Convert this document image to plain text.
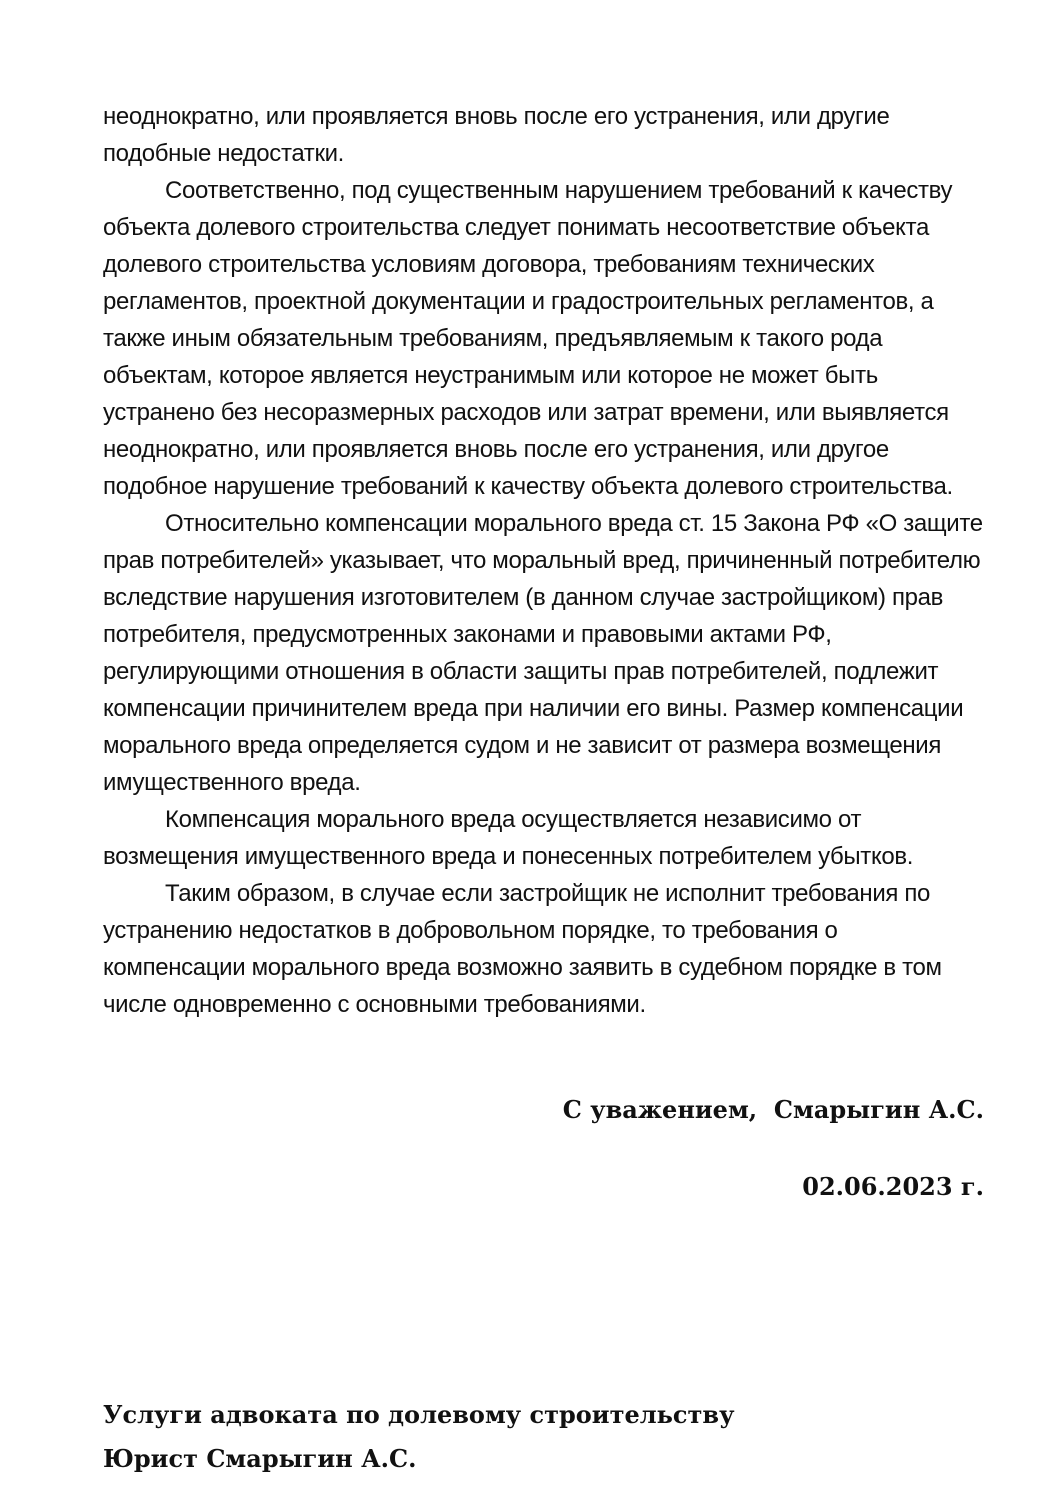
неоднократно, или проявляется вновь после его устранения, или другие подобные недостатки.

Соответственно, под существенным нарушением требований к качеству объекта долевого строительства следует понимать несоответствие объекта долевого строительства условиям договора, требованиям технических регламентов, проектной документации и градостроительных регламентов, а также иным обязательным требованиям, предъявляемым к такого рода объектам, которое является неустранимым или которое не может быть устранено без несоразмерных расходов или затрат времени, или выявляется неоднократно, или проявляется вновь после его устранения, или другое подобное нарушение требований к качеству объекта долевого строительства.

Относительно компенсации морального вреда ст. 15 Закона РФ «О защите прав потребителей» указывает, что моральный вред, причиненный потребителю вследствие нарушения изготовителем (в данном случае застройщиком) прав потребителя, предусмотренных законами и правовыми актами РФ, регулирующими отношения в области защиты прав потребителей, подлежит компенсации причинителем вреда при наличии его вины. Размер компенсации морального вреда определяется судом и не зависит от размера возмещения имущественного вреда.

Компенсация морального вреда осуществляется независимо от возмещения имущественного вреда и понесенных потребителем убытков.

Таким образом, в случае если застройщик не исполнит требования по устранению недостатков в добровольном порядке, то требования о компенсации морального вреда возможно заявить в судебном порядке в том числе одновременно с основными требованиями.

С уважением,  Смарыгин А.С.
02.06.2023 г.
Услуги адвоката по долевому строительству
Юрист Смарыгин А.С.
